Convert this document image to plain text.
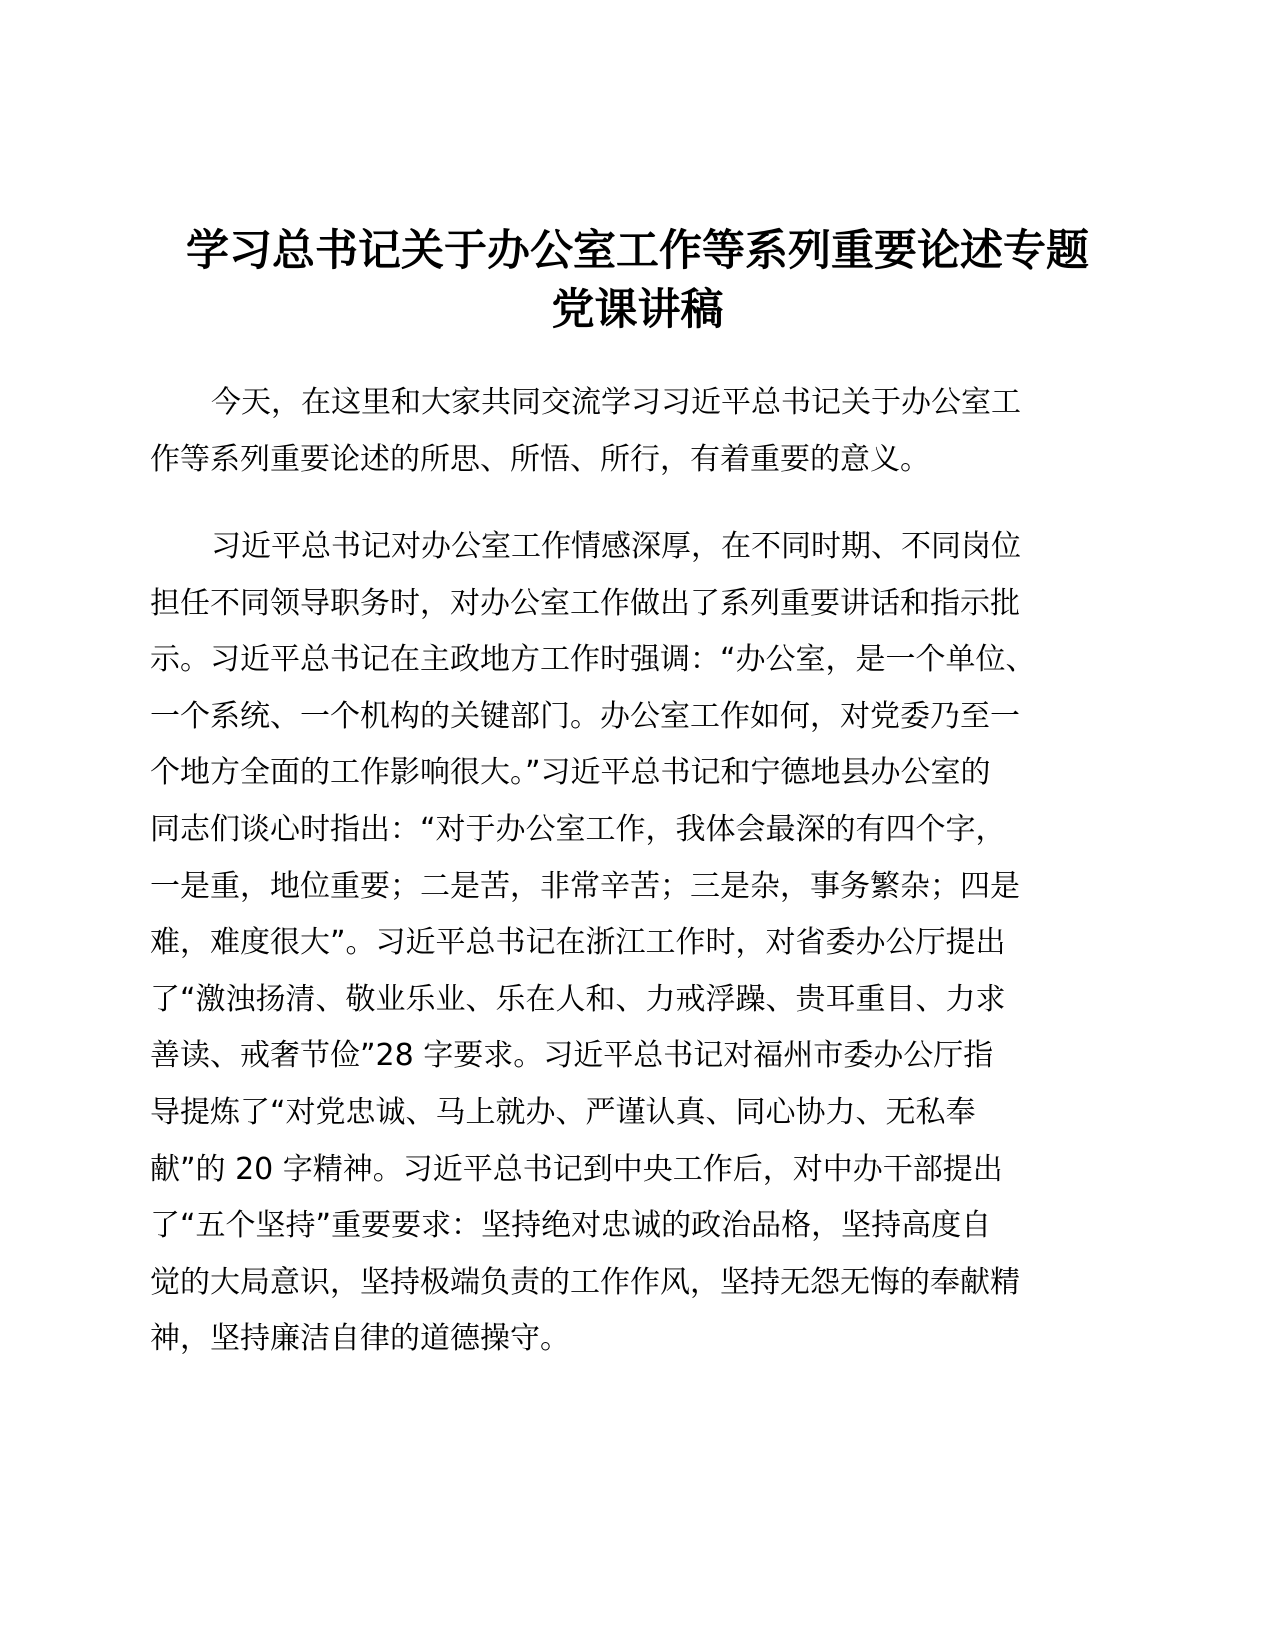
学习总书记关于办公室工作等系列重要论述专题
党课讲稿
今天，在这里和大家共同交流学习习近平总书记关于办公室工
作等系列重要论述的所思、所悟、所行，有着重要的意义。
习近平总书记对办公室工作情感深厚，在不同时期、不同岗位
担任不同领导职务时，对办公室工作做出了系列重要讲话和指示批
示。习近平总书记在主政地方工作时强调：“办公室，是一个单位、
一个系统、一个机构的关键部门。办公室工作如何，对党委乃至一
个地方全面的工作影响很大。”习近平总书记和宁德地县办公室的
同志们谈心时指出：“对于办公室工作，我体会最深的有四个字，
一是重，地位重要；二是苦，非常辛苦；三是杂，事务繁杂；四是
难，难度很大”。习近平总书记在浙江工作时，对省委办公厅提出
了“激浊扬清、敬业乐业、乐在人和、力戒浮躁、贵耳重目、力求
善读、戒奢节俭”28 字要求。习近平总书记对福州市委办公厅指
导提炼了“对党忠诚、马上就办、严谨认真、同心协力、无私奉
献”的 20 字精神。习近平总书记到中央工作后，对中办干部提出
了“五个坚持”重要要求：坚持绝对忠诚的政治品格，坚持高度自
觉的大局意识，坚持极端负责的工作作风，坚持无怨无悔的奉献精
神，坚持廉洁自律的道德操守。
